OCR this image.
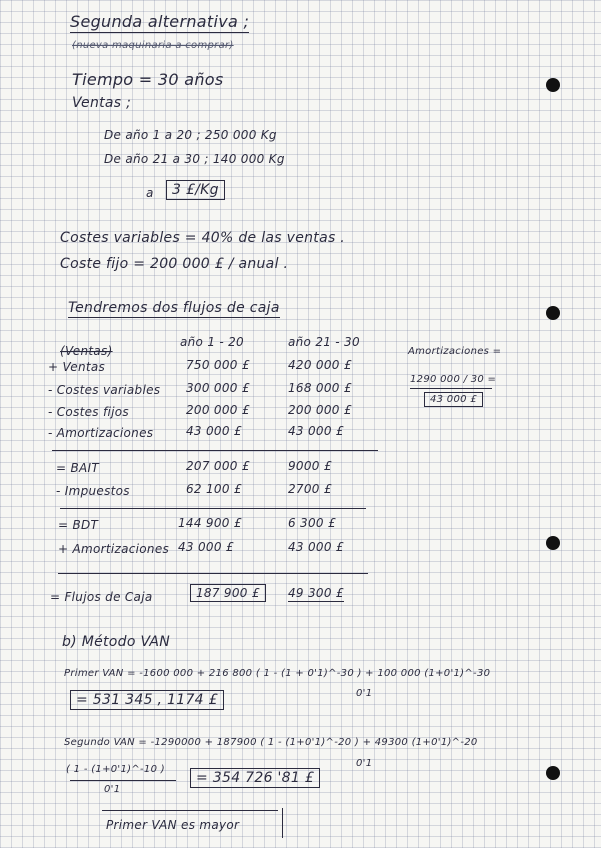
Segunda alternativa ;
(nueva maquinaria a comprar)
Tiempo = 30 años
Ventas ;
De año 1 a 20 ; 250 000 Kg
De año 21 a 30 ; 140 000 Kg
a	3 £/Kg
Costes variables = 40% de las ventas .
Coste fijo = 200 000 £ / anual .
Tendremos dos flujos de caja
año 1 - 20	año 21 - 30
(Ventas)
+ Ventas	750 000 £	420 000 £
- Costes variables 300 000 £	168 000 £
- Costes fijos	200 000 £	200 000 £
- Amortizaciones	43 000 £	43 000 £
= BAIT	207 000 £	9000 £
- Impuestos	62 100 £	2700 £
= BDT	144 900 £	6 300 £
+ Amortizaciones 43 000 £	43 000 £
= Flujos de Caja	187 900 £	49 300 £
Amortizaciones =
1290 000 / 30 =
43 000 £
b) Método VAN
Primer VAN = -1600 000 + 216 800 ( 1 - (1 + 0'1)^-30 ) + 100 000 (1+0'1)^-30
0'1
= 531 345 , 1174 £
Segundo VAN = -1290000 + 187900 ( 1 - (1+0'1)^-20 ) + 49300 (1+0'1)^-20
0'1
( 1 - (1+0'1)^-10 )
0'1
= 354 726 '81 £
Primer VAN es mayor
